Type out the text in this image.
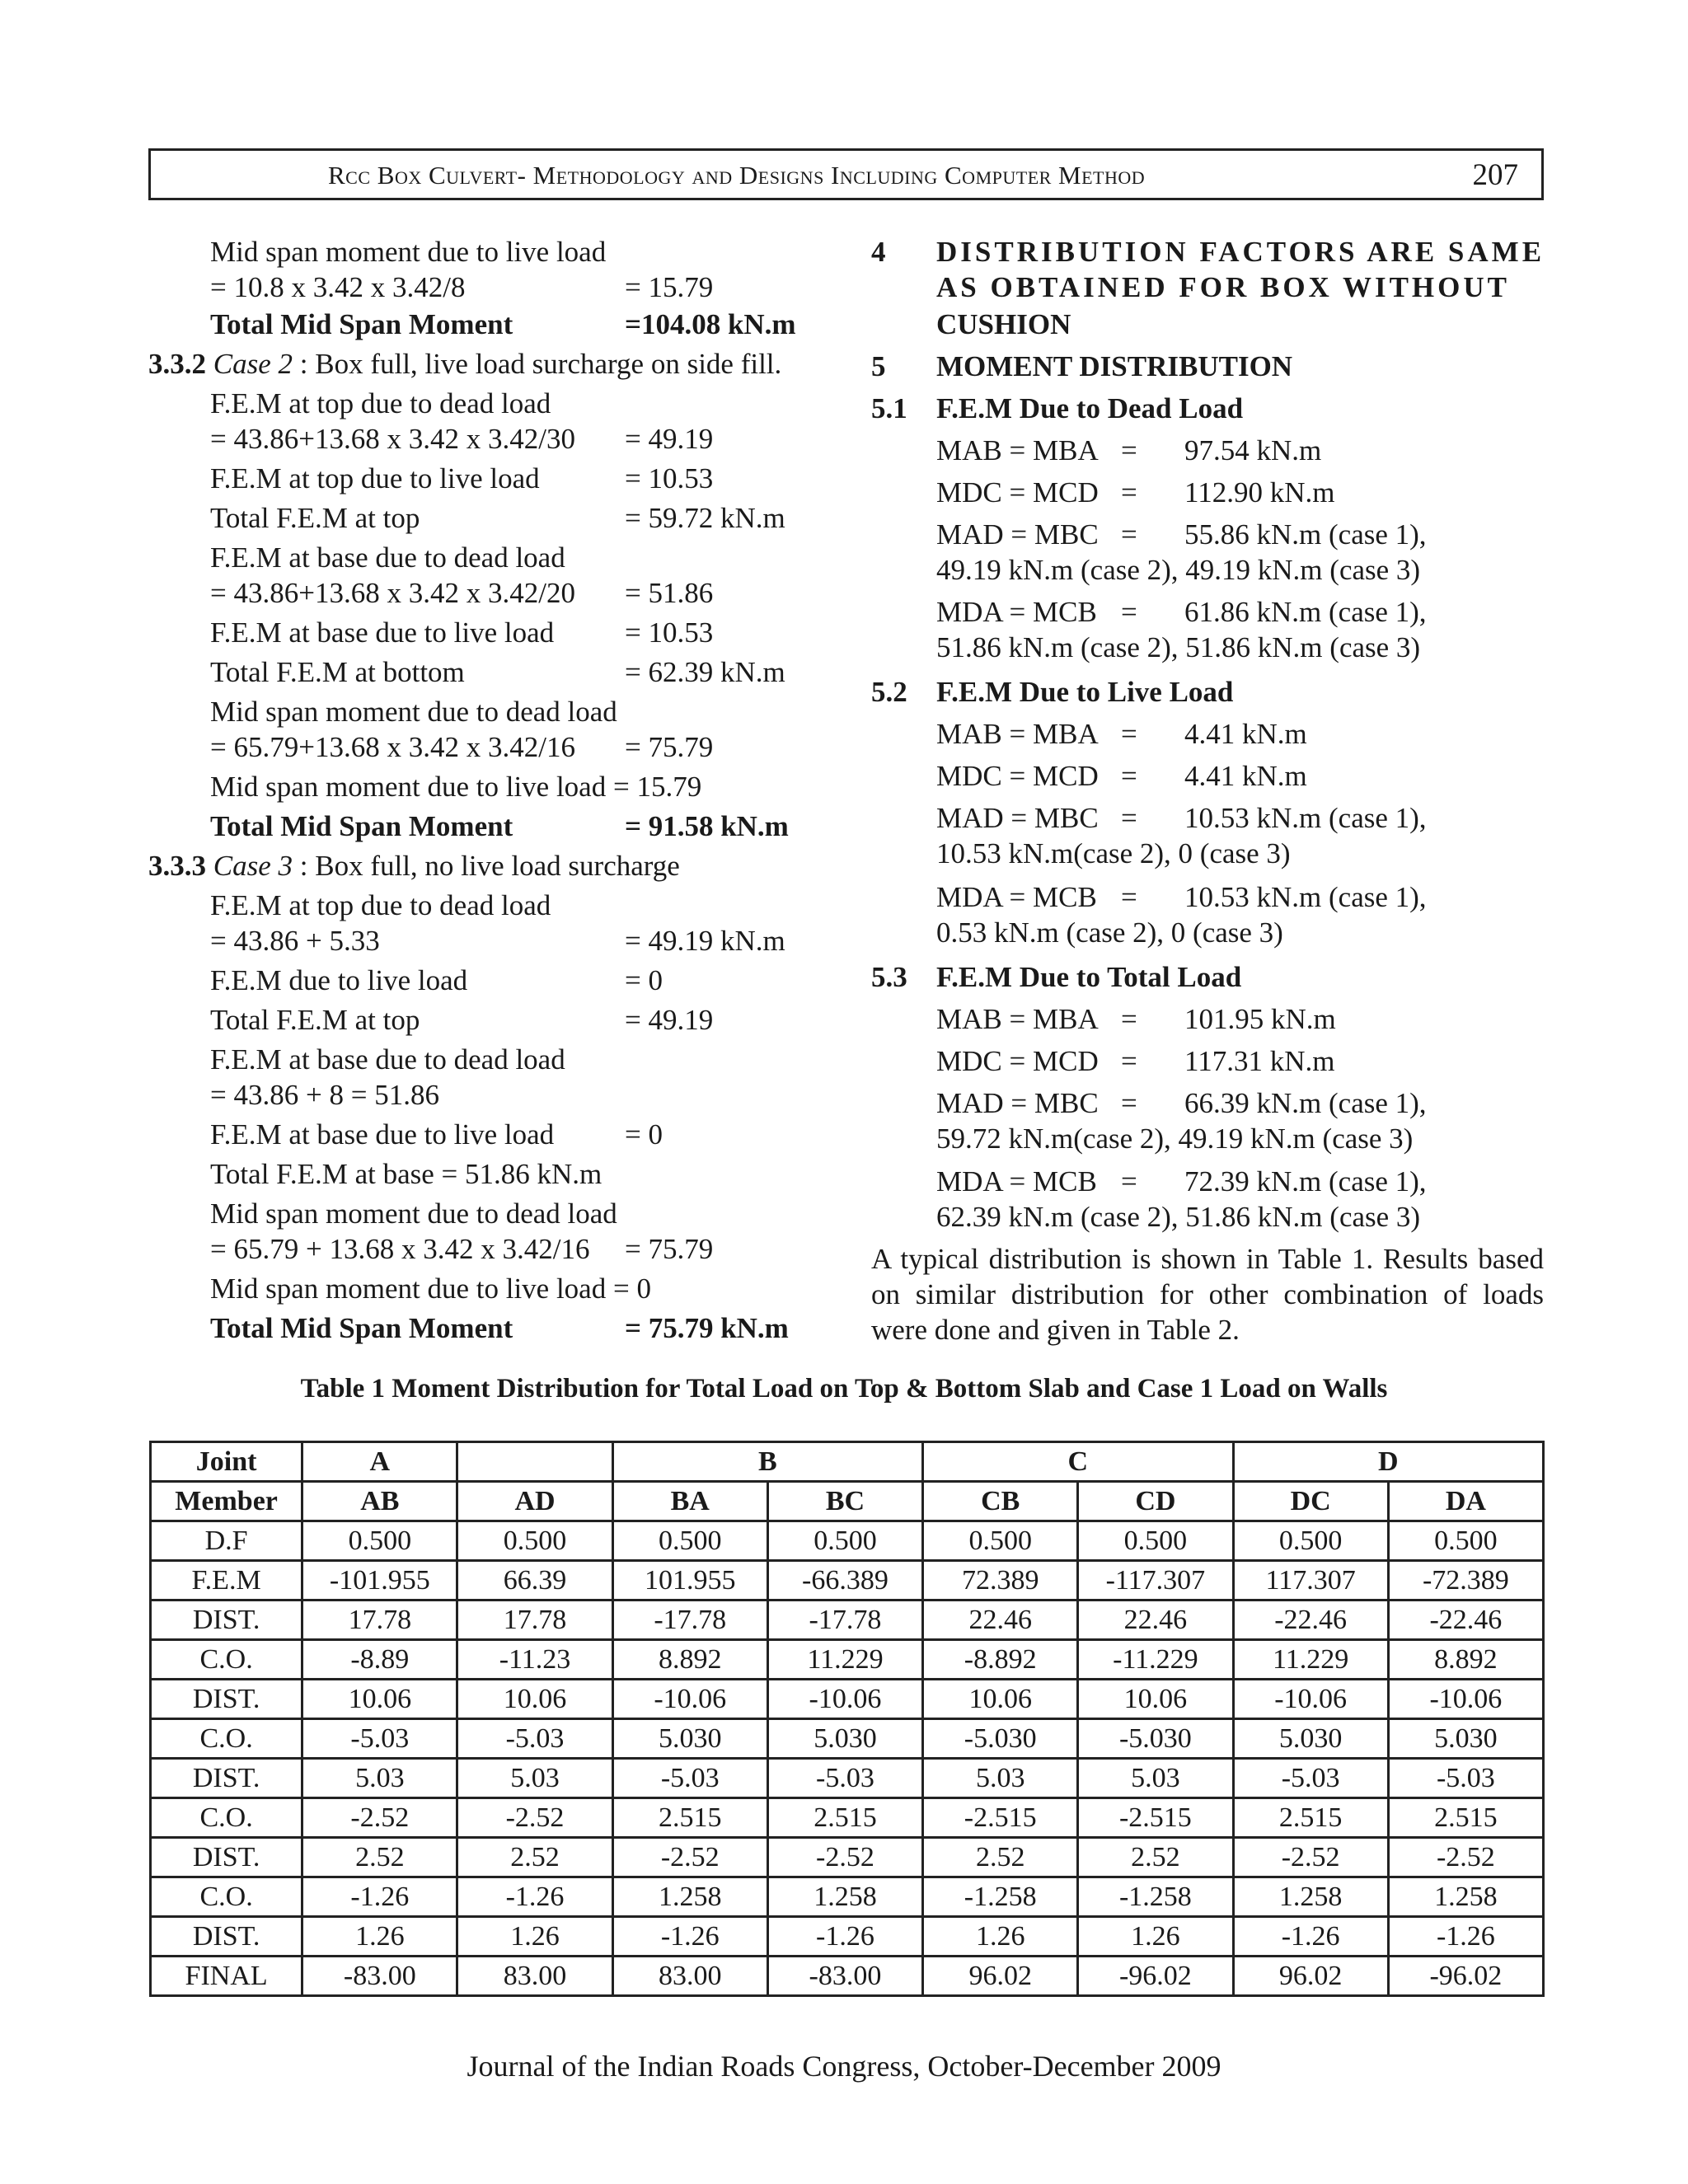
Rcc Box Culvert- Methodology and Designs Including Computer Method	207
Mid span moment due to live load
= 10.8 x 3.42 x 3.42/8	= 15.79
Total Mid Span Moment	=104.08 kN.m
3.3.2 Case 2 : Box full, live load surcharge on side fill.
F.E.M at top due to dead load
= 43.86+13.68 x 3.42 x 3.42/30 = 49.19
F.E.M at top due to live load	= 10.53
Total F.E.M at top	= 59.72 kN.m
F.E.M at base due to dead load
= 43.86+13.68 x 3.42 x 3.42/20 = 51.86
F.E.M at base due to live load = 10.53
Total F.E.M at bottom	= 62.39 kN.m
Mid span moment due to dead load
= 65.79+13.68 x 3.42 x 3.42/16 = 75.79
Mid span moment due to live load = 15.79
Total Mid Span Moment	= 91.58 kN.m
3.3.3 Case 3 : Box full, no live load surcharge
F.E.M at top due to dead load
= 43.86 + 5.33	= 49.19 kN.m
F.E.M due to live load	= 0
Total F.E.M at top	= 49.19
F.E.M at base due to dead load
= 43.86 + 8 = 51.86
F.E.M at base due to live load = 0
Total F.E.M at base = 51.86 kN.m
Mid span moment due to dead load
= 65.79 + 13.68 x 3.42 x 3.42/16 = 75.79
Mid span moment due to live load = 0
Total Mid Span Moment	= 75.79 kN.m
4 DISTRIBUTION FACTORS ARE SAME
AS OBTAINED FOR BOX WITHOUT
CUSHION
5 MOMENT DISTRIBUTION
5.1 F.E.M Due to Dead Load
MAB = MBA = 97.54 kN.m
MDC = MCD = 112.90 kN.m
MAD = MBC = 55.86 kN.m (case 1),
49.19 kN.m (case 2), 49.19 kN.m (case 3)
MDA = MCB = 61.86 kN.m (case 1),
51.86 kN.m (case 2), 51.86 kN.m (case 3)
5.2 F.E.M Due to Live Load
MAB = MBA = 4.41 kN.m
MDC = MCD = 4.41 kN.m
MAD = MBC = 10.53 kN.m (case 1),
10.53 kN.m(case 2), 0 (case 3)
MDA = MCB = 10.53 kN.m (case 1),
0.53 kN.m (case 2), 0 (case 3)
5.3 F.E.M Due to Total Load
MAB = MBA = 101.95 kN.m
MDC = MCD = 117.31 kN.m
MAD = MBC = 66.39 kN.m (case 1),
59.72 kN.m(case 2), 49.19 kN.m (case 3)
MDA = MCB = 72.39 kN.m (case 1),
62.39 kN.m (case 2), 51.86 kN.m (case 3)
A typical distribution is shown in Table 1. Results based on similar distribution for other combination of loads were done and given in Table 2.
Table 1 Moment Distribution for Total Load on Top & Bottom Slab and Case 1 Load on Walls
Joint	A		B		C		D	
Member	AB	AD	BA	BC	CB	CD	DC	DA
D.F	0.500	0.500	0.500	0.500	0.500	0.500	0.500	0.500
F.E.M	-101.955	66.39	101.955	-66.389	72.389	-117.307	117.307	-72.389
DIST.	17.78	17.78	-17.78	-17.78	22.46	22.46	-22.46	-22.46
C.O.	-8.89	-11.23	8.892	11.229	-8.892	-11.229	11.229	8.892
DIST.	10.06	10.06	-10.06	-10.06	10.06	10.06	-10.06	-10.06
C.O.	-5.03	-5.03	5.030	5.030	-5.030	-5.030	5.030	5.030
DIST.	5.03	5.03	-5.03	-5.03	5.03	5.03	-5.03	-5.03
C.O.	-2.52	-2.52	2.515	2.515	-2.515	-2.515	2.515	2.515
DIST.	2.52	2.52	-2.52	-2.52	2.52	2.52	-2.52	-2.52
C.O.	-1.26	-1.26	1.258	1.258	-1.258	-1.258	1.258	1.258
DIST.	1.26	1.26	-1.26	-1.26	1.26	1.26	-1.26	-1.26
FINAL	-83.00	83.00	83.00	-83.00	96.02	-96.02	96.02	-96.02
Journal of the Indian Roads Congress, October-December 2009
